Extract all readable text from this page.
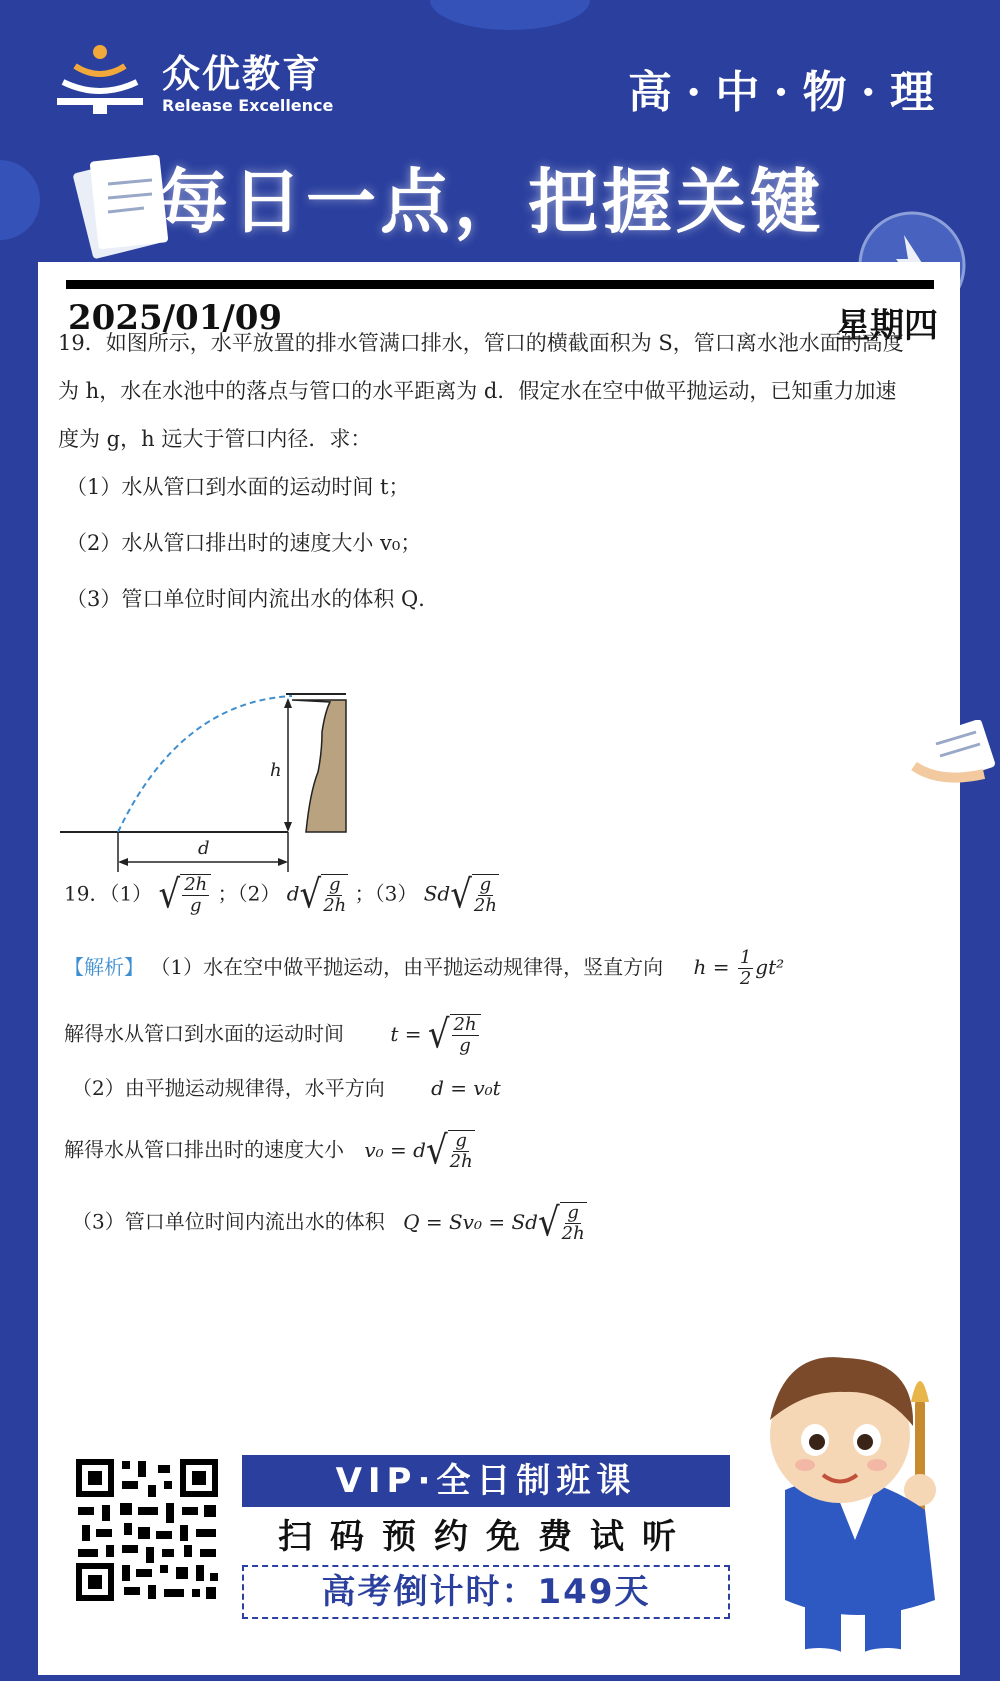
众优教育
Release Excellence	高·中·物·理
每日一点，把握关键
2025/01/09	星期四
19．如图所示，水平放置的排水管满口排水，管口的横截面积为 S，管口离水池水面的高度
为 h，水在水池中的落点与管口的水平距离为 d．假定水在空中做平抛运动，已知重力加速
度为 g，h 远大于管口内径．求：
（1）水从管口到水面的运动时间 t；
（2）水从管口排出时的速度大小 v₀；
（3）管口单位时间内流出水的体积 Q．
h
d
19．（1） √ $\frac{2h}{g}$ ；（2） d √ $\frac{g}{2h}$ ；（3） Sd √ $\frac{g}{2h}$
【解析】 （1）水在空中做平抛运动，由平抛运动规律得，竖直方向 $h = \frac{1}{2} gt^2$
解得水从管口到水面的运动时间 t = √ $\frac{2h}{g}$
（2）由平抛运动规律得，水平方向 d = v₀t
解得水从管口排出时的速度大小 v₀ = d √ $\frac{g}{2h}$
（3）管口单位时间内流出水的体积 Q = Sv₀ = Sd √ $\frac{g}{2h}$
VIP·全日制班课
扫码预约免费试听
高考倒计时：149天
